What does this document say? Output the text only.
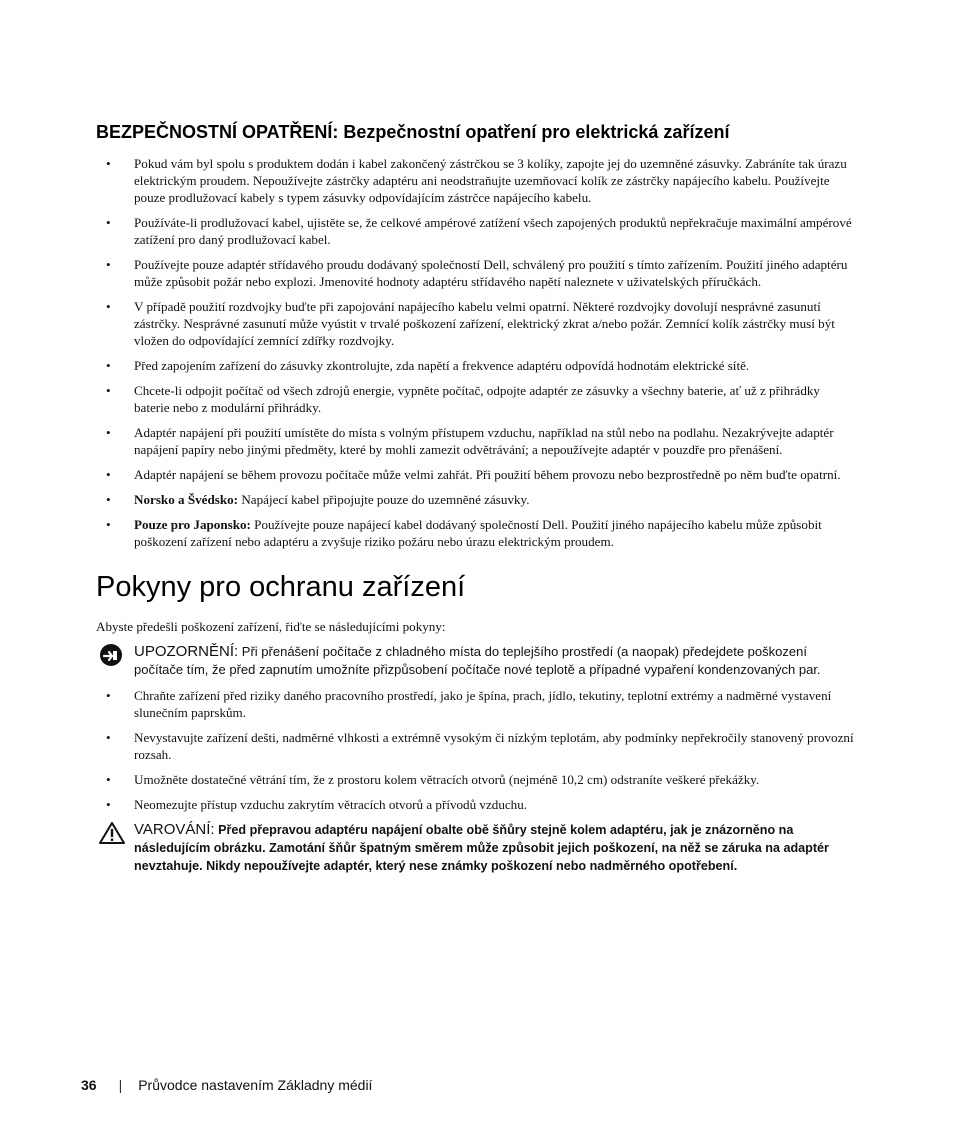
BEZPEČNOSTNÍ OPATŘENÍ: Bezpečnostní opatření pro elektrická zařízení
• Pokud vám byl spolu s produktem dodán i kabel zakončený zástrčkou se 3 kolíky, zapojte jej do uzemněné zásuvky. Zabráníte tak úrazu elektrickým proudem. Nepoužívejte zástrčky adaptéru ani neodstraňujte uzemňovací kolík ze zástrčky napájecího kabelu. Používejte pouze prodlužovací kabely s typem zásuvky odpovídajícím zástrčce napájecího kabelu.
• Používáte-li prodlužovací kabel, ujistěte se, že celkové ampérové zatížení všech zapojených produktů nepřekračuje maximální ampérové zatížení pro daný prodlužovací kabel.
• Používejte pouze adaptér střídavého proudu dodávaný společností Dell, schválený pro použití s tímto zařízením. Použití jiného adaptéru může způsobit požár nebo explozi. Jmenovité hodnoty adaptéru střídavého napětí naleznete v uživatelských příručkách.
• V případě použití rozdvojky buďte při zapojování napájecího kabelu velmi opatrní. Některé rozdvojky dovolují nesprávné zasunutí zástrčky. Nesprávné zasunutí může vyústit v trvalé poškození zařízení, elektrický zkrat a/nebo požár. Zemnící kolík zástrčky musí být vložen do odpovídající zemnící zdířky rozdvojky.
• Před zapojením zařízení do zásuvky zkontrolujte, zda napětí a frekvence adaptéru odpovídá hodnotám elektrické sítě.
• Chcete-li odpojit počítač od všech zdrojů energie, vypněte počítač, odpojte adaptér ze zásuvky a všechny baterie, ať už z přihrádky baterie nebo z modulární přihrádky.
• Adaptér napájení při použití umístěte do místa s volným přístupem vzduchu, například na stůl nebo na podlahu. Nezakrývejte adaptér napájení papíry nebo jinými předměty, které by mohli zamezit odvětrávání; a nepoužívejte adaptér v pouzdře pro přenášení.
• Adaptér napájení se během provozu počítače může velmi zahřát. Při použití během provozu nebo bezprostředně po něm buďte opatrní.
• Norsko a Švédsko: Napájecí kabel připojujte pouze do uzemněné zásuvky.
• Pouze pro Japonsko: Používejte pouze napájecí kabel dodávaný společností Dell. Použití jiného napájecího kabelu může způsobit poškození zařízení nebo adaptéru a zvyšuje riziko požáru nebo úrazu elektrickým proudem.
Pokyny pro ochranu zařízení

Abyste předešli poškození zařízení, řiďte se následujícími pokyny:

UPOZORNĚNÍ: Při přenášení počítače z chladného místa do teplejšího prostředí (a naopak) předejdete poškození počítače tím, že před zapnutím umožníte přizpůsobení počítače nové teplotě a případné vypaření kondenzovaných par.
• Chraňte zařízení před riziky daného pracovního prostředí, jako je špína, prach, jídlo, tekutiny, teplotní extrémy a nadměrné vystavení slunečním paprskům.
• Nevystavujte zařízení dešti, nadměrné vlhkosti a extrémně vysokým či nízkým teplotám, aby podmínky nepřekročily stanovený provozní rozsah.
• Umožněte dostatečné větrání tím, že z prostoru kolem větracích otvorů (nejméně 10,2 cm) odstraníte veškeré překážky.
• Neomezujte přístup vzduchu zakrytím větracích otvorů a přívodů vzduchu.
VAROVÁNÍ: Před přepravou adaptéru napájení obalte obě šňůry stejně kolem adaptéru, jak je znázorněno na následujícím obrázku. Zamotání šňůr špatným směrem může způsobit jejich poškození, na něž se záruka na adaptér nevztahuje. Nikdy nepoužívejte adaptér, který nese známky poškození nebo nadměrného opotřebení.
36 | Průvodce nastavením Základny médií
